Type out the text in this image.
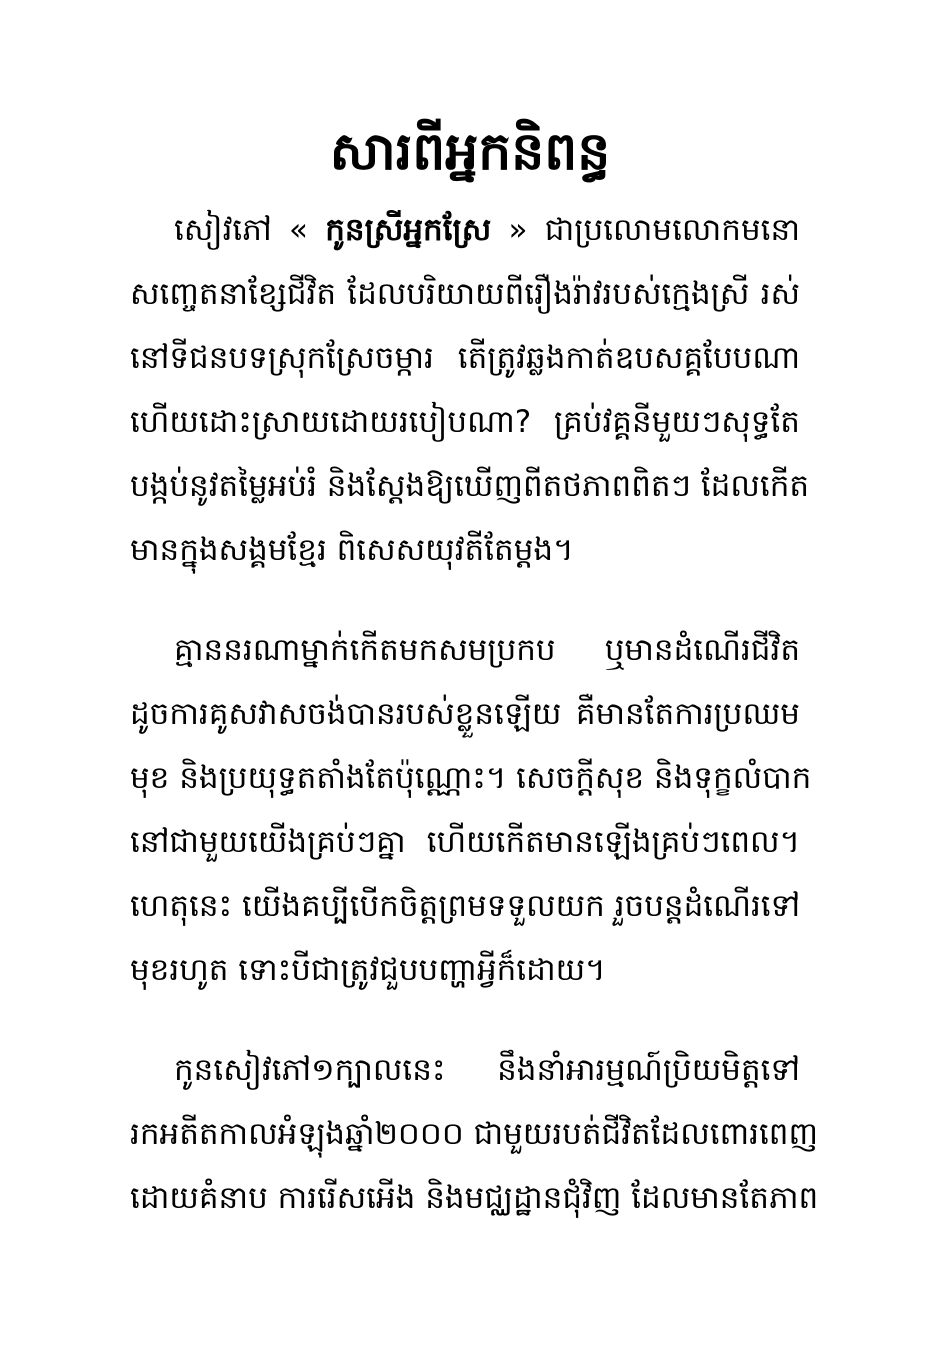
សារពីអ្នកនិពន្ធ
សៀវភៅ « កូនស្រីអ្នកស្រែ » ជាប្រលោមលោកមនោ
សញ្ចេតនាខ្សែជីវិត ដែលបរិយាយពីរឿងរ៉ាវរបស់ក្មេងស្រី រស់
នៅទីជនបទស្រុកស្រែចម្ការ តើត្រូវឆ្លងកាត់ឧបសគ្គបែបណា
ហើយដោះស្រាយដោយរបៀបណា? គ្រប់វគ្គនីមួយៗសុទ្ធតែ
បង្កប់នូវតម្លៃអប់រំ និងស្តែងឱ្យឃើញពីតថភាពពិតៗ ដែលកើត
មានក្នុងសង្គមខ្មែរ ពិសេសយុវតីតែម្តង។
គ្មាននរណាម្នាក់កើតមកសមប្រកប ឬមានដំណើរជីវិត
ដូចការគូសវាសចង់បានរបស់ខ្លួនឡើយ គឺមានតែការប្រឈម
មុខ និងប្រយុទ្ធតតាំងតែប៉ុណ្ណោះ។ សេចក្តីសុខ និងទុក្ខលំបាក
នៅជាមួយយើងគ្រប់ៗគ្នា ហើយកើតមានឡើងគ្រប់ៗពេល។
ហេតុនេះ យើងគប្បីបើកចិត្តព្រមទទួលយក រួចបន្តដំណើរទៅ
មុខរហូត ទោះបីជាត្រូវជួបបញ្ហាអ្វីក៏ដោយ។
កូនសៀវភៅ១ក្បាលនេះ នឹងនាំអារម្មណ៍ប្រិយមិត្តទៅ
រកអតីតកាលអំឡុងឆ្នាំ២០០០ ជាមួយរបត់ជីវិតដែលពោរពេញ
ដោយគំនាប ការរើសអើង និងមជ្ឈដ្ឋានជុំវិញ ដែលមានតែភាព
